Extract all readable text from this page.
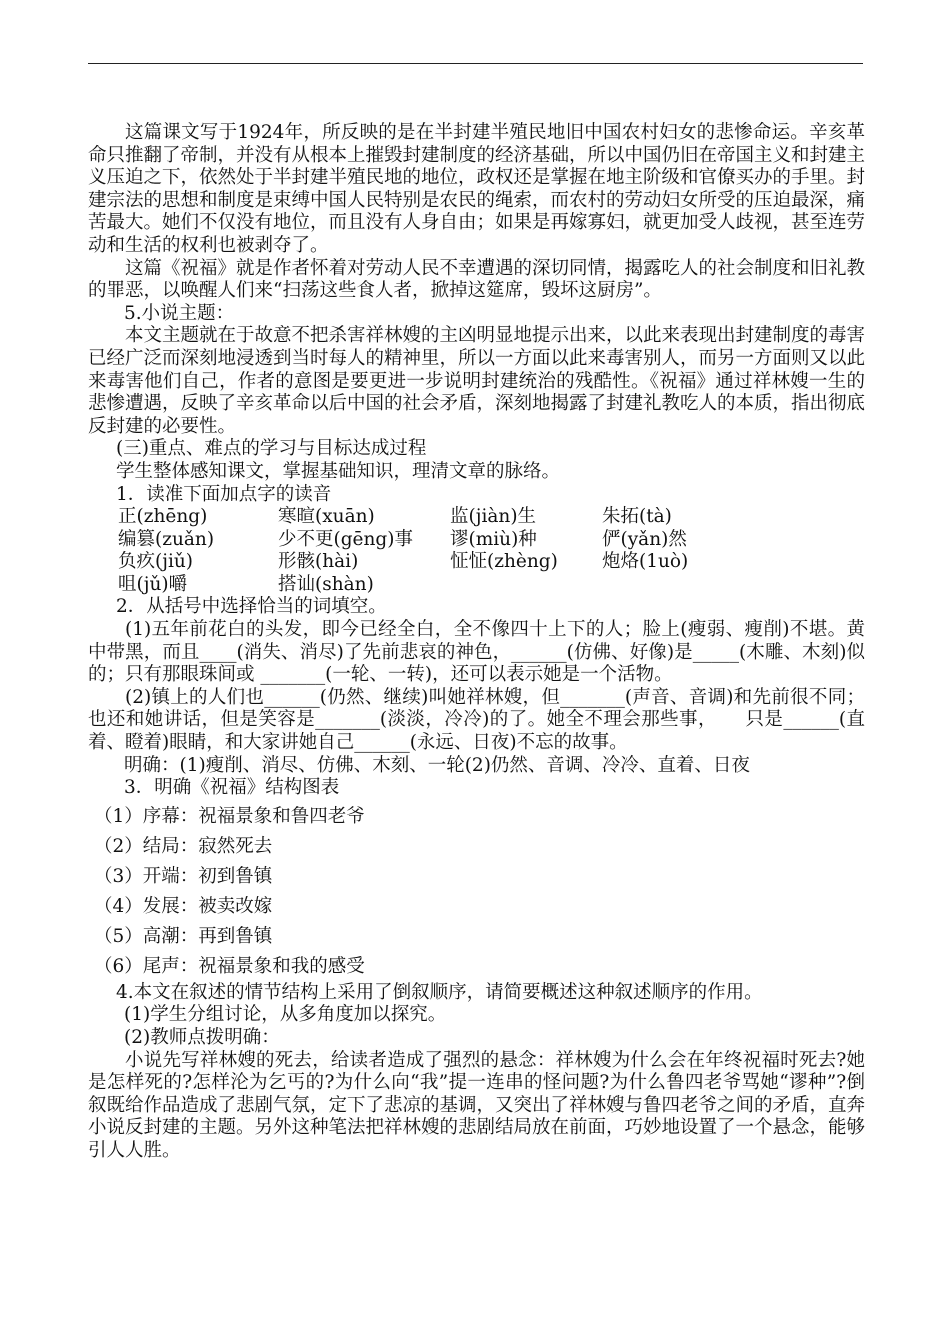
这篇课文写于1924年，所反映的是在半封建半殖民地旧中国农村妇女的悲惨命运。辛亥革命只推翻了帝制，并没有从根本上摧毁封建制度的经济基础，所以中国仍旧在帝国主义和封建主义压迫之下，依然处于半封建半殖民地的地位，政权还是掌握在地主阶级和官僚买办的手里。封建宗法的思想和制度是束缚中国人民特别是农民的绳索，而农村的劳动妇女所受的压迫最深，痛苦最大。她们不仅没有地位，而且没有人身自由；如果是再嫁寡妇，就更加受人歧视，甚至连劳动和生活的权利也被剥夺了。

这篇《祝福》就是作者怀着对劳动人民不幸遭遇的深切同情，揭露吃人的社会制度和旧礼教的罪恶，以唤醒人们来“扫荡这些食人者，掀掉这筵席，毁坏这厨房”。

5.小说主题：

本文主题就在于故意不把杀害祥林嫂的主凶明显地提示出来，以此来表现出封建制度的毒害已经广泛而深刻地浸透到当时每人的精神里，所以一方面以此来毒害别人，而另一方面则又以此来毒害他们自己，作者的意图是要更进一步说明封建统治的残酷性。《祝福》通过祥林嫂一生的悲惨遭遇，反映了辛亥革命以后中国的社会矛盾，深刻地揭露了封建礼教吃人的本质，指出彻底反封建的必要性。

(三)重点、难点的学习与目标达成过程

学生整体感知课文，掌握基础知识，理清文章的脉络。

1．读准下面加点字的读音

正(zhēng)	寒暄(xuān)	监(jiàn)生	朱拓(tà)
编篡(zuǎn)	少不更(gēng)事	谬(miù)种	俨(yǎn)然
负疚(jiǔ)	形骸(hài)	怔怔(zhèng)	炮烙(1uò)
咀(jǔ)嚼	搭讪(shàn)

2．从括号中选择恰当的词填空。

(1)五年前花白的头发，即今已经全白，全不像四十上下的人；脸上(瘦弱、瘦削)不堪。黄中带黑，而且____(消失、消尽)了先前悲哀的神色，______(仿佛、好像)是_____(木雕、木刻)似的；只有那眼珠间或 _______(一轮、一转)，还可以表示她是一个活物。

(2)镇上的人们也______(仍然、继续)叫她祥林嫂，但_______(声音、音调)和先前很不同；也还和她讲话，但是笑容是_______(淡淡，冷冷)的了。她全不理会那些事，　　只是______(直着、瞪着)眼睛，和大家讲她自己______(永远、日夜)不忘的故事。

明确：(1)瘦削、消尽、仿佛、木刻、一轮(2)仍然、音调、冷冷、直着、日夜

3．明确《祝福》结构图表

（1）序幕：祝福景象和鲁四老爷

（2）结局：寂然死去

（3）开端：初到鲁镇

（4）发展：被卖改嫁

（5）高潮：再到鲁镇

（6）尾声：祝福景象和我的感受

4.本文在叙述的情节结构上采用了倒叙顺序，请简要概述这种叙述顺序的作用。

(1)学生分组讨论，从多角度加以探究。

(2)教师点拨明确：

小说先写祥林嫂的死去，给读者造成了强烈的悬念：祥林嫂为什么会在年终祝福时死去?她是怎样死的?怎样沦为乞丐的?为什么向“我”提一连串的怪问题?为什么鲁四老爷骂她“谬种”?倒叙既给作品造成了悲剧气氛，定下了悲凉的基调，又突出了祥林嫂与鲁四老爷之间的矛盾，直奔小说反封建的主题。另外这种笔法把祥林嫂的悲剧结局放在前面，巧妙地设置了一个悬念，能够引人人胜。
